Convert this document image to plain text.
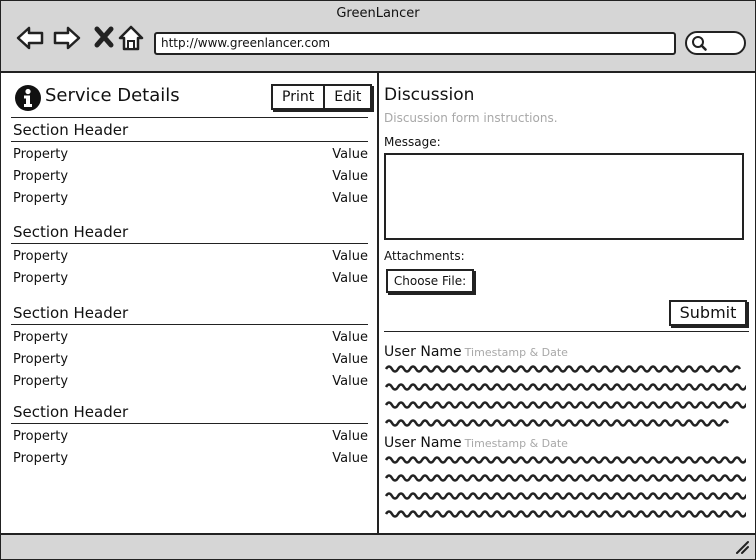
GreenLancer
http://www.greenlancer.com
Service Details	Print	Edit
Section Header
Property	Value
Property	Value
Property	Value
Section Header
Property	Value
Property	Value
Section Header
Property	Value
Property	Value
Property	Value
Section Header
Property	Value
Property	Value
Discussion
Discussion form instructions.
Message:
Attachments:
Choose File:
Submit
User Name Timestamp & Date
User Name Timestamp & Date
